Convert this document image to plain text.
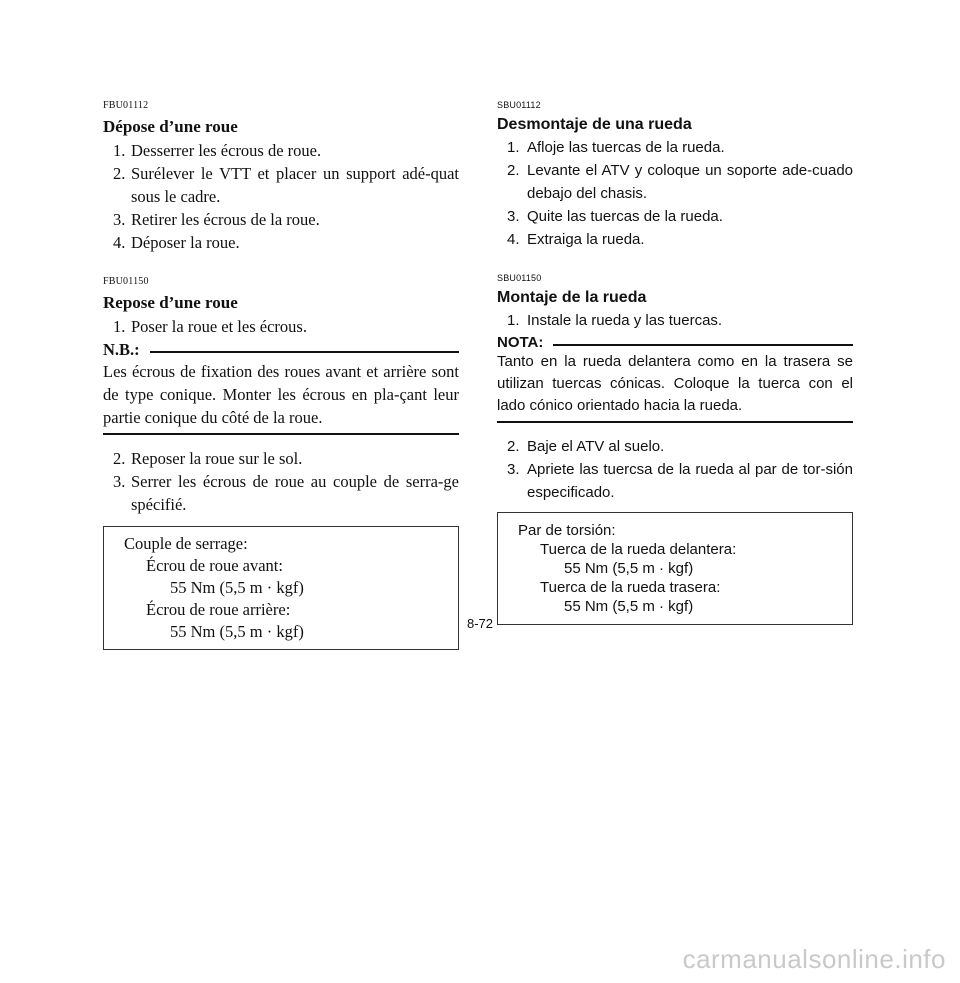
FBU01112
Dépose d’une roue
1. Desserrer les écrous de roue.
2. Surélever le VTT et placer un support adé-quat sous le cadre.
3. Retirer les écrous de la roue.
4. Déposer la roue.
FBU01150
Repose d’une roue
1. Poser la roue et les écrous.
N.B.:

Les écrous de fixation des roues avant et arrière sont de type conique. Monter les écrous en pla-çant leur partie conique du côté de la roue.

2. Reposer la roue sur le sol.
3. Serrer les écrous de roue au couple de serra-ge spécifié.
Couple de serrage:
Écrou de roue avant:
55 Nm (5,5 m · kgf)
Écrou de roue arrière:
55 Nm (5,5 m · kgf)
SBU01112
Desmontaje de una rueda
1. Afloje las tuercas de la rueda.
2. Levante el ATV y coloque un soporte ade-cuado debajo del chasis.
3. Quite las tuercas de la rueda.
4. Extraiga la rueda.
SBU01150
Montaje de la rueda
1. Instale la rueda y las tuercas.
NOTA:

Tanto en la rueda delantera como en la trasera se utilizan tuercas cónicas. Coloque la tuerca con el lado cónico orientado hacia la rueda.

2. Baje el ATV al suelo.
3. Apriete las tuercsa de la rueda al par de tor-sión especificado.
Par de torsión:
Tuerca de la rueda delantera:
55 Nm (5,5 m · kgf)
Tuerca de la rueda trasera:
55 Nm (5,5 m · kgf)
8-72
carmanualsonline.info
